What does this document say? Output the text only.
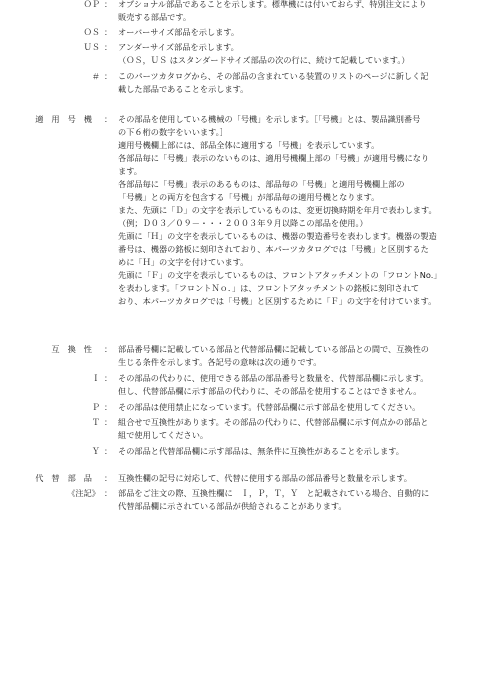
ＯＰ ： オプショナル部品であることを示します。標準機には付いておらず、特別注文により
販売する部品です。
ＯＳ ： オーバーサイズ部品を示します。
ＵＳ ： アンダーサイズ部品を示します。
（ＯＳ，ＵＳ はスタンダードサイズ部品の次の行に、続けて記載しています。）
＃ ： このパーツカタログから、その部品の含まれている装置のリストのページに新しく記
載した部品であることを示します。
適用号機 ： その部品を使用している機械の「号機」を示します。［「号機」とは、製品識別番号
の下６桁の数字をいいます。］
適用号機欄上部には、部品全体に適用する「号機」を表示しています。
各部品毎に「号機」表示のないものは、適用号機欄上部の「号機」が適用号機になり
ます。
各部品毎に「号機」表示のあるものは、部品毎の「号機」と適用号機欄上部の
「号機」との両方を包含する「号機」が部品毎の適用号機となります。
また、先頭に「Ｄ」の文字を表示しているものは、変更切換時期を年月で表わします。
（例；Ｄ０３／０９－・・・２００３年９月以降この部品を使用。）
先頭に「Ｈ」の文字を表示しているものは、機器の製造番号を表わします。機器の製造
番号は、機器の銘板に刻印されており、本パーツカタログでは「号機」と区別するた
めに「Ｈ」の文字を付けています。
先頭に「Ｆ」の文字を表示しているものは、フロントアタッチメントの「フロントNo.」
を表わします。「フロントＮｏ．」は、フロントアタッチメントの銘板に刻印されて
おり、本パーツカタログでは「号機」と区別するために「Ｆ」の文字を付けています。
互換性 ： 部品番号欄に記載している部品と代替部品欄に記載している部品との間で、互換性の
生じる条件を示します。各記号の意味は次の通りです。
Ｉ ： その部品の代わりに、使用できる部品の部品番号と数量を、代替部品欄に示します。
但し、代替部品欄に示す部品の代わりに、その部品を使用することはできません。
Ｐ ： その部品は使用禁止になっています。代替部品欄に示す部品を使用してください。
Ｔ ： 組合せで互換性があります。その部品の代わりに、代替部品欄に示す何点かの部品と
組で使用してください。
Ｙ ： その部品と代替部品欄に示す部品は、無条件に互換性があることを示します。
代替部品 ： 互換性欄の記号に対応して、代替に使用する部品の部品番号と数量を示します。
《注記》 ： 部品をご注文の際、互換性欄に　Ｉ，Ｐ，Ｔ，Ｙ　と記載されている場合、自動的に
代替部品欄に示されている部品が供給されることがあります。
